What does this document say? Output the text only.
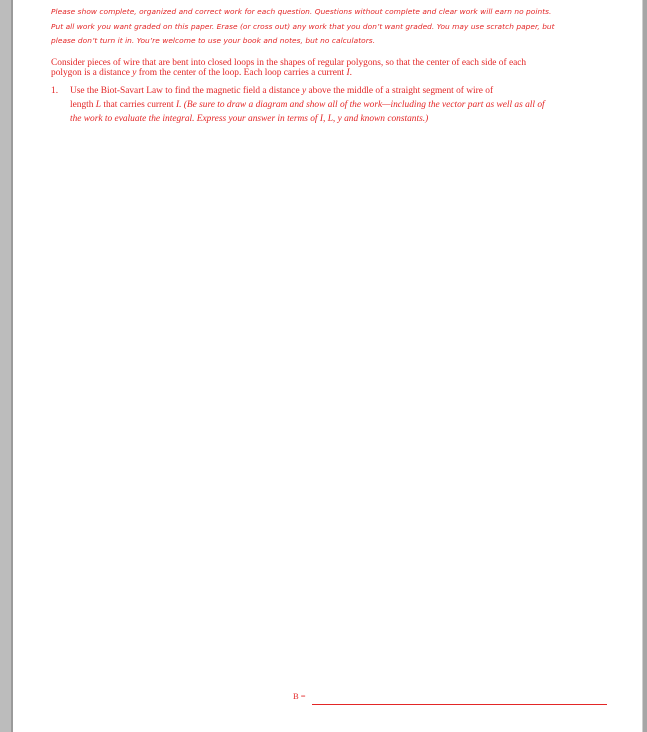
Please show complete, organized and correct work for each question. Questions without complete and clear work will earn no points.
Put all work you want graded on this paper. Erase (or cross out) any work that you don’t want graded. You may use scratch paper, but
please don’t turn it in. You’re welcome to use your book and notes, but no calculators.
Consider pieces of wire that are bent into closed loops in the shapes of regular polygons, so that the center of each side of each
polygon is a distance y from the center of the loop. Each loop carries a current I.
1. Use the Biot-Savart Law to find the magnetic field a distance y above the middle of a straight segment of wire of
length L that carries current I. (Be sure to draw a diagram and show all of the work—including the vector part as well as all of
the work to evaluate the integral. Express your answer in terms of I, L, y and known constants.)
B =
